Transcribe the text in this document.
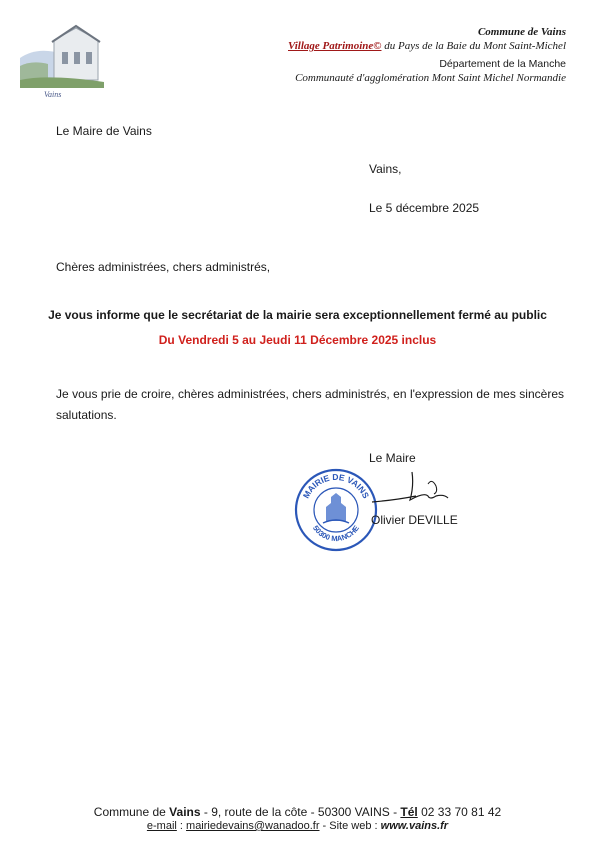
Vains
Commune de Vains
Village Patrimoine© du Pays de la Baie du Mont Saint-Michel
Département de la Manche
Communauté d'agglomération Mont Saint Michel Normandie
Le Maire de Vains
Vains,
Le 5 décembre 2025
Chères administrées, chers administrés,
Je vous informe que le secrétariat de la mairie sera exceptionnellement fermé au public
Du Vendredi 5 au Jeudi 11 Décembre 2025 inclus
Je vous prie de croire, chères administrées, chers administrés, en l'expression de mes sincères salutations.
Le Maire
MAIRIE DE VAINS
50300 MANCHE
Olivier DEVILLE
Commune de Vains - 9, route de la côte - 50300 VAINS - Tél 02 33 70 81 42
e-mail : mairiedevains@wanadoo.fr - Site web : www.vains.fr
